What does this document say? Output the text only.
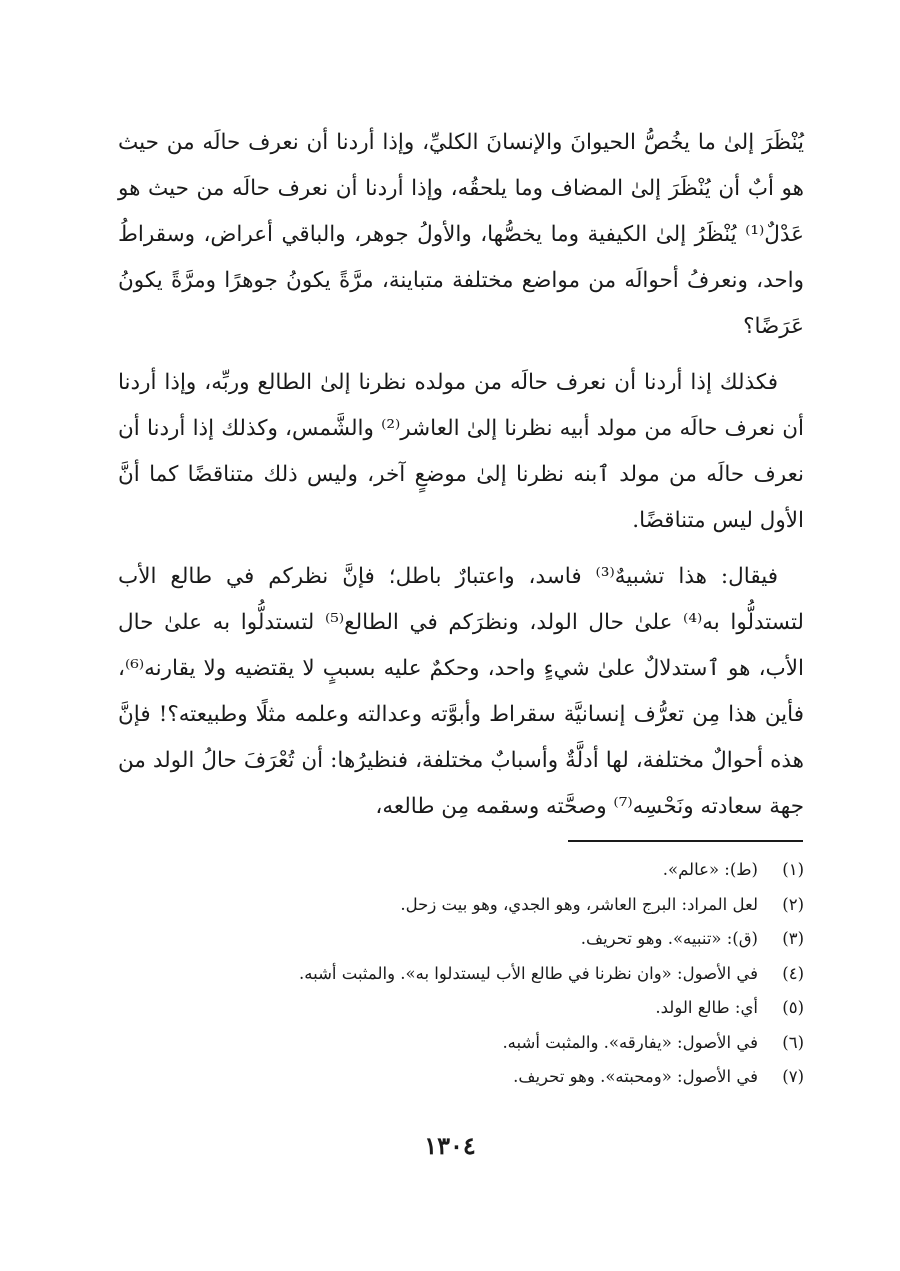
يُنْظَرَ إلىٰ ما يخُصُّ الحيوانَ والإنسانَ الكليِّ، وإذا أردنا أن نعرف حالَه من حيث هو أبٌ أن يُنْظَرَ إلىٰ المضاف وما يلحقُه، وإذا أردنا أن نعرف حالَه من حيث هو عَدْلٌ⁽¹⁾ يُنْظَرُ إلىٰ الكيفية وما يخصُّها، والأولُ جوهر، والباقي أعراض، وسقراطُ واحد، ونعرفُ أحوالَه من مواضع مختلفة متباينة، مرَّةً يكونُ جوهرًا ومرَّةً يكونُ عَرَضًا؟

فكذلك إذا أردنا أن نعرف حالَه من مولده نظرنا إلىٰ الطالع وربِّه، وإذا أردنا أن نعرف حالَه من مولد أبيه نظرنا إلىٰ العاشر⁽²⁾ والشَّمس، وكذلك إذا أردنا أن نعرف حالَه من مولد ٱبنه نظرنا إلىٰ موضعٍ آخر، وليس ذلك متناقضًا كما أنَّ الأول ليس متناقضًا.

فيقال: هذا تشبيهٌ⁽³⁾ فاسد، واعتبارٌ باطل؛ فإنَّ نظركم في طالع الأب لتستدلُّوا به⁽⁴⁾ علىٰ حال الولد، ونظرَكم في الطالع⁽⁵⁾ لتستدلُّوا به علىٰ حال الأب، هو ٱستدلالٌ علىٰ شيءٍ واحد، وحكمٌ عليه بسببٍ لا يقتضيه ولا يقارنه⁽⁶⁾، فأين هذا مِن تعرُّف إنسانيَّة سقراط وأبوَّته وعدالته وعلمه مثلًا وطبيعته؟! فإنَّ هذه أحوالٌ مختلفة، لها أدلَّةٌ وأسبابٌ مختلفة، فنظيرُها: أن تُعْرَفَ حالُ الولد من جهة سعادته ونَحْسِه⁽⁷⁾ وصحَّته وسقمه مِن طالعه،

(١)
(ط): «عالم».
(٢)
لعل المراد: البرج العاشر، وهو الجدي، وهو بيت زحل.
(٣)
(ق): «تنبيه». وهو تحريف.
(٤)
في الأصول: «وان نظرنا في طالع الأب ليستدلوا به». والمثبت أشبه.
(٥)
أي: طالع الولد.
(٦)
في الأصول: «يفارقه». والمثبت أشبه.
(٧)
في الأصول: «ومحبته». وهو تحريف.
١٣٠٤
